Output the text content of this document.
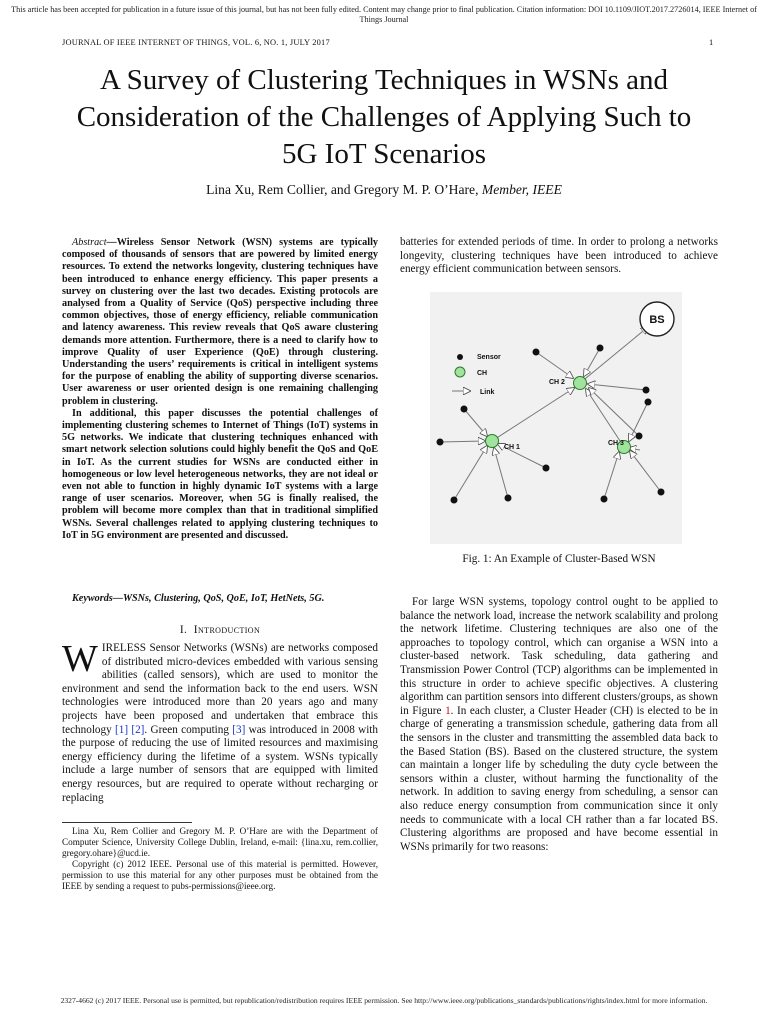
This article has been accepted for publication in a future issue of this journal, but has not been fully edited. Content may change prior to final publication. Citation information: DOI 10.1109/JIOT.2017.2726014, IEEE Internet of
Things Journal
JOURNAL OF IEEE INTERNET OF THINGS, VOL. 6, NO. 1, JULY 2017	1
A Survey of Clustering Techniques in WSNs and
Consideration of the Challenges of Applying Such to
5G IoT Scenarios
Lina Xu, Rem Collier, and Gregory M. P. O’Hare, Member, IEEE

Abstract—Wireless Sensor Network (WSN) systems are typically composed of thousands of sensors that are powered by limited energy resources. To extend the networks longevity, clustering techniques have been introduced to enhance energy efficiency. This paper presents a survey on clustering over the last two decades. Existing protocols are analysed from a Quality of Service (QoS) perspective including three common objectives, those of energy efficiency, reliable communication and latency awareness. This review reveals that QoS aware clustering demands more attention. Furthermore, there is a need to clarify how to improve Quality of user Experience (QoE) through clustering. Understanding the users’ requirements is critical in intelligent systems for the purpose of enabling the ability of supporting diverse scenarios. User awareness or user oriented design is one remaining challenging problem in clustering.

In additional, this paper discusses the potential challenges of implementing clustering schemes to Internet of Things (IoT) systems in 5G networks. We indicate that clustering techniques enhanced with smart network selection solutions could highly benefit the QoS and QoE in IoT. As the current studies for WSNs are conducted either in homogeneous or low level heterogeneous networks, they are not ideal or even not able to function in highly dynamic IoT systems with a large range of user scenarios. Moreover, when 5G is finally realised, the problem will become more complex than that in traditional simplified WSNs. Several challenges related to applying clustering techniques to IoT in 5G environment are presented and discussed.

Keywords—WSNs, Clustering, QoS, QoE, IoT, HetNets, 5G.
I. Introduction

WIRELESS Sensor Networks (WSNs) are networks composed of distributed micro-devices embedded with various sensing abilities (called sensors), which are used to monitor the environment and send the information back to the end users. WSN technologies were introduced more than 20 years ago and many projects have been proposed and undertaken that embrace this technology [1] [2]. Green computing [3] was introduced in 2008 with the purpose of reducing the use of limited resources and maximising energy efficiency during the lifetime of a system. WSNs typically include a large number of sensors that are equipped with limited energy resources, but are required to operate without recharging or replacing

Lina Xu, Rem Collier and Gregory M. P. O’Hare are with the Department of Computer Science, University College Dublin, Ireland, e-mail: {lina.xu, rem.collier, gregory.ohare}@ucd.ie.

Copyright (c) 2012 IEEE. Personal use of this material is permitted. However, permission to use this material for any other purposes must be obtained from the IEEE by sending a request to pubs-permissions@ieee.org.

batteries for extended periods of time. In order to prolong a networks longevity, clustering techniques have been introduced to achieve energy efficient communication between sensors.

BS
CH 2
CH 1
CH 3
Sensor
CH
Link
Fig. 1: An Example of Cluster-Based WSN

For large WSN systems, topology control ought to be applied to balance the network load, increase the network scalability and prolong the network lifetime. Clustering techniques are also one of the approaches to topology control, which can organise a WSN into a cluster-based network. Task scheduling, data gathering and Transmission Power Control (TCP) algorithms can be implemented in this structure in order to achieve specific objectives. A clustering algorithm can partition sensors into different clusters/groups, as shown in Figure 1. In each cluster, a Cluster Header (CH) is elected to be in charge of generating a transmission schedule, gathering data from all the sensors in the cluster and transmitting the assembled data back to the Based Station (BS). Based on the clustered structure, the system can maintain a longer life by scheduling the duty cycle between the sensors within a cluster, without harming the functionality of the network. In addition to saving energy from scheduling, a sensor can also reduce energy consumption from communication since it only needs to communicate with a local CH rather than a far located BS. Clustering algorithms are proposed and have become essential in WSNs primarily for two reasons:

2327-4662 (c) 2017 IEEE. Personal use is permitted, but republication/redistribution requires IEEE permission. See http://www.ieee.org/publications_standards/publications/rights/index.html for more information.
